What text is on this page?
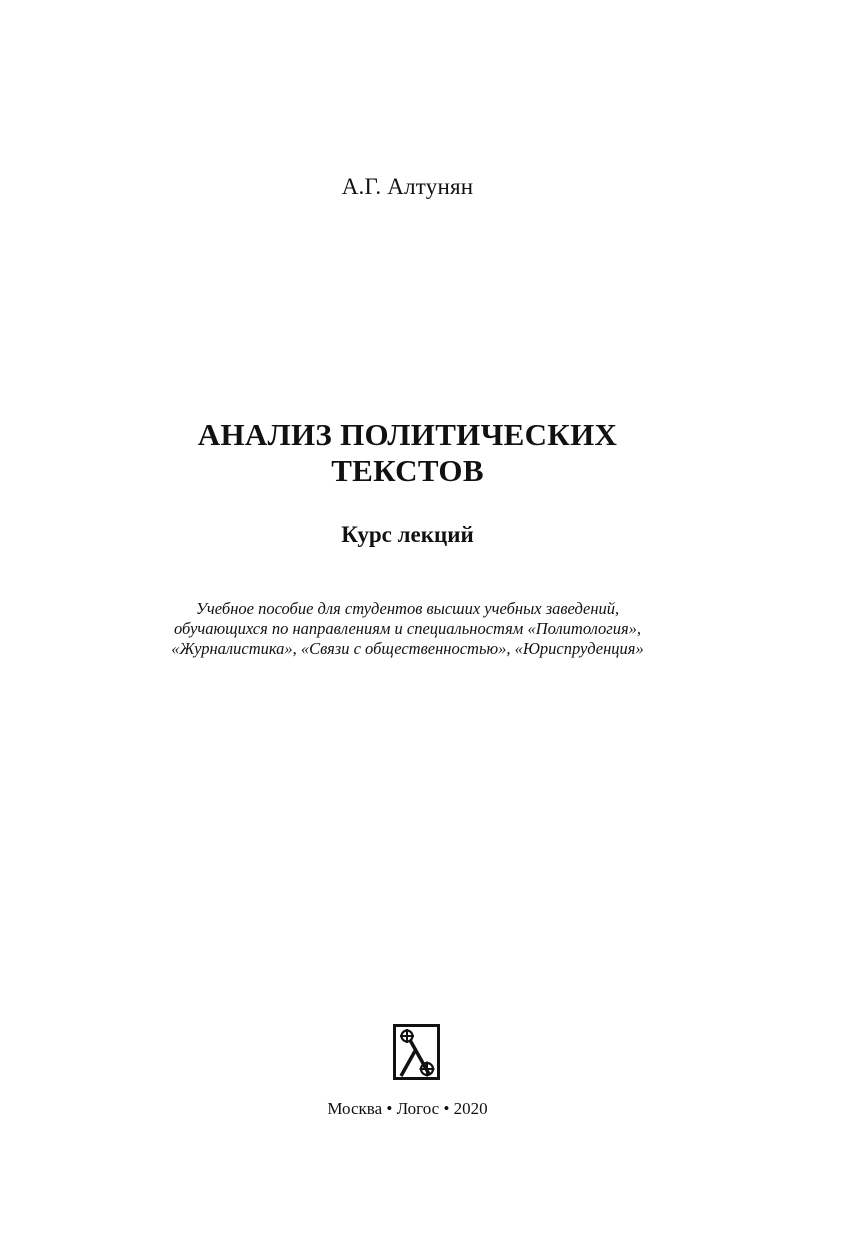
А.Г. Алтунян
АНАЛИЗ ПОЛИТИЧЕСКИХ
ТЕКСТОВ
Курс лекций
Учебное пособие для студентов высших учебных заведений,
обучающихся по направлениям и специальностям «Политология»,
«Журналистика», «Связи с общественностью», «Юриспруденция»
Москва • Логос • 2020
